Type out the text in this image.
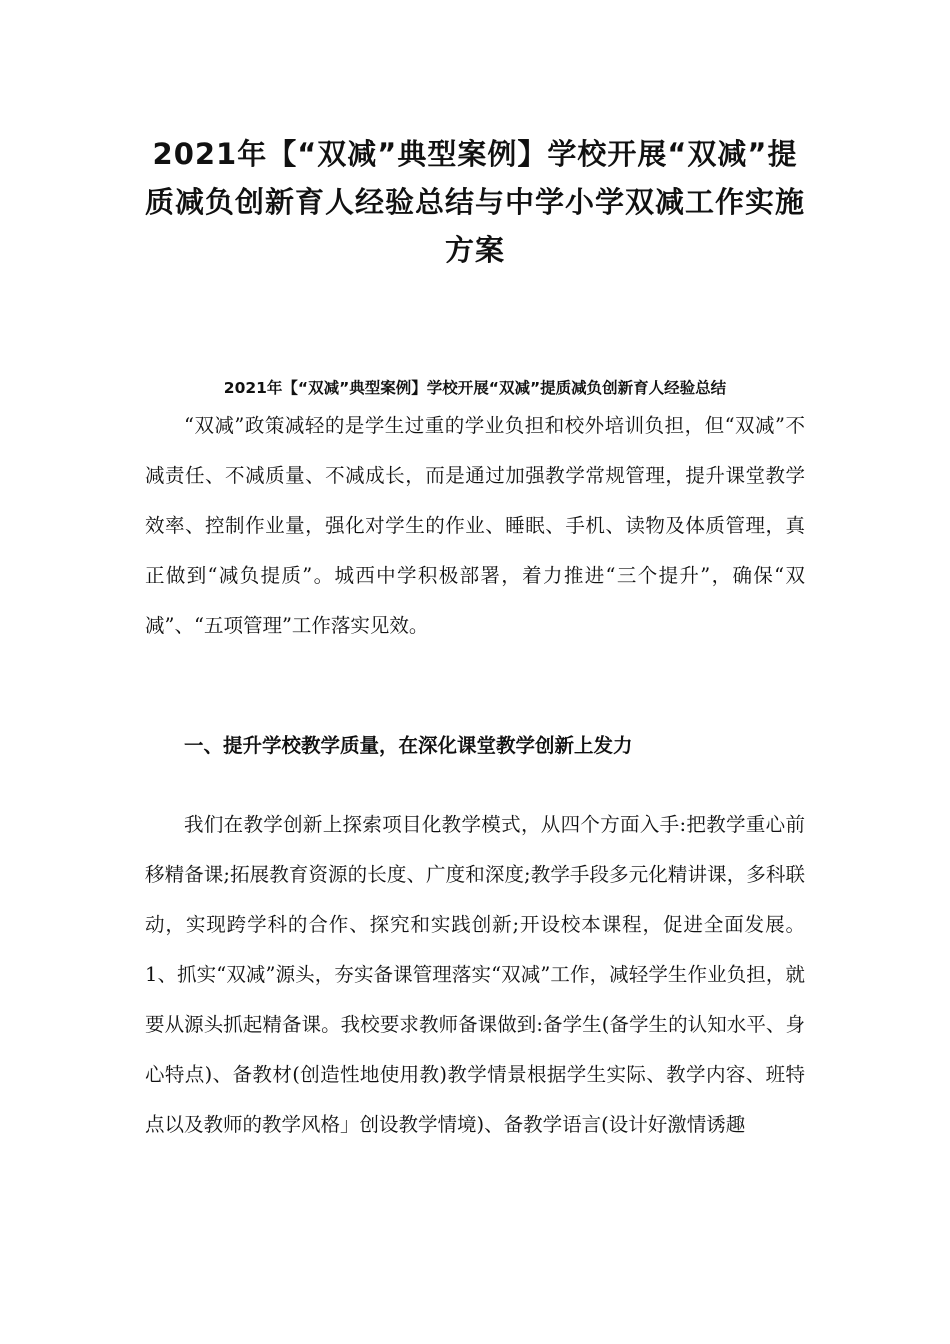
2021年【“双减”典型案例】学校开展“双减”提质减负创新育人经验总结与中学小学双减工作实施方案
2021年【“双减”典型案例】学校开展“双减”提质减负创新育人经验总结

“双减”政策减轻的是学生过重的学业负担和校外培训负担，但“双减”不减责任、不减质量、不减成长，而是通过加强教学常规管理，提升课堂教学效率、控制作业量，强化对学生的作业、睡眠、手机、读物及体质管理，真正做到“减负提质”。城西中学积极部署，着力推进“三个提升”，确保“双减”、“五项管理”工作落实见效。

一、提升学校教学质量，在深化课堂教学创新上发力

我们在教学创新上探索项目化教学模式，从四个方面入手:把教学重心前移精备课;拓展教育资源的长度、广度和深度;教学手段多元化精讲课，多科联动，实现跨学科的合作、探究和实践创新;开设校本课程，促进全面发展。1、抓实“双减”源头，夯实备课管理落实“双减”工作，减轻学生作业负担，就要从源头抓起精备课。我校要求教师备课做到:备学生(备学生的认知水平、身心特点)、备教材(创造性地使用教)教学情景根据学生实际、教学内容、班特点以及教师的教学风格」创设教学情境)、备教学语言(设计好激情诱趣
